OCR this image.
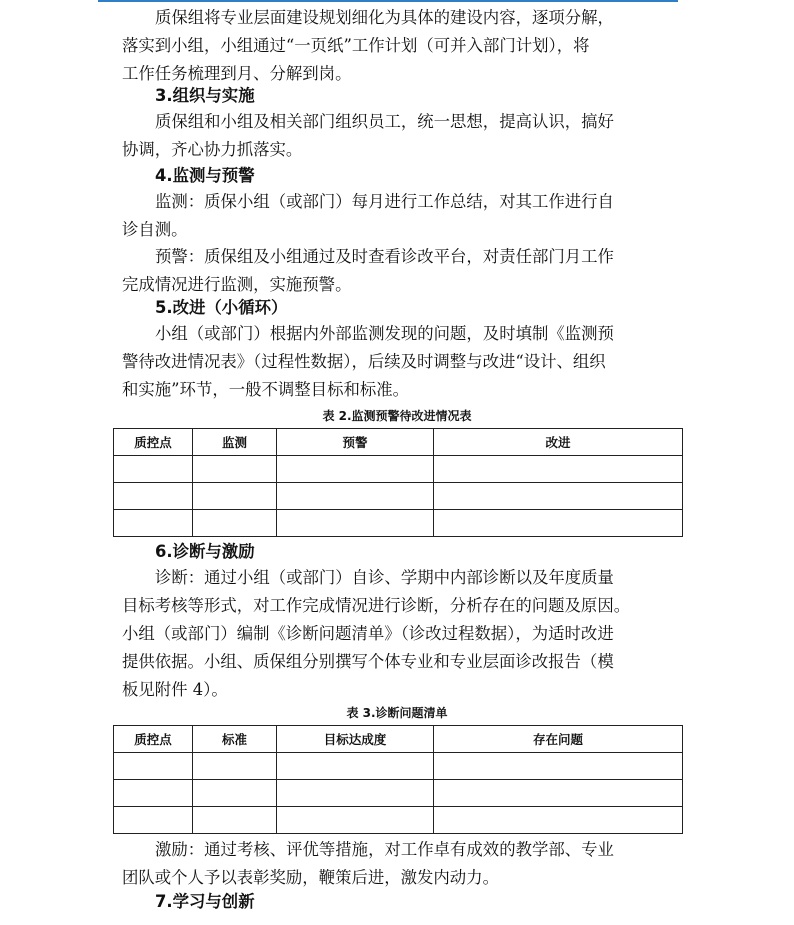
质保组将专业层面建设规划细化为具体的建设内容，逐项分解，
落实到小组，小组通过“一页纸”工作计划（可并入部门计划），将
工作任务梳理到月、分解到岗。
3.组织与实施
质保组和小组及相关部门组织员工，统一思想，提高认识，搞好
协调，齐心协力抓落实。
4.监测与预警
监测：质保小组（或部门）每月进行工作总结，对其工作进行自
诊自测。
预警：质保组及小组通过及时查看诊改平台，对责任部门月工作
完成情况进行监测，实施预警。
5.改进（小循环）
小组（或部门）根据内外部监测发现的问题，及时填制《监测预
警待改进情况表》（过程性数据），后续及时调整与改进“设计、组织
和实施”环节，一般不调整目标和标准。
表 2.监测预警待改进情况表
质控点	监测	预警	改进

6.诊断与激励
诊断：通过小组（或部门）自诊、学期中内部诊断以及年度质量
目标考核等形式，对工作完成情况进行诊断，分析存在的问题及原因。
小组（或部门）编制《诊断问题清单》（诊改过程数据），为适时改进
提供依据。小组、质保组分别撰写个体专业和专业层面诊改报告（模
板见附件 4）。
表 3.诊断问题清单
质控点	标准	目标达成度	存在问题

激励：通过考核、评优等措施，对工作卓有成效的教学部、专业
团队或个人予以表彰奖励，鞭策后进，激发内动力。
7.学习与创新
